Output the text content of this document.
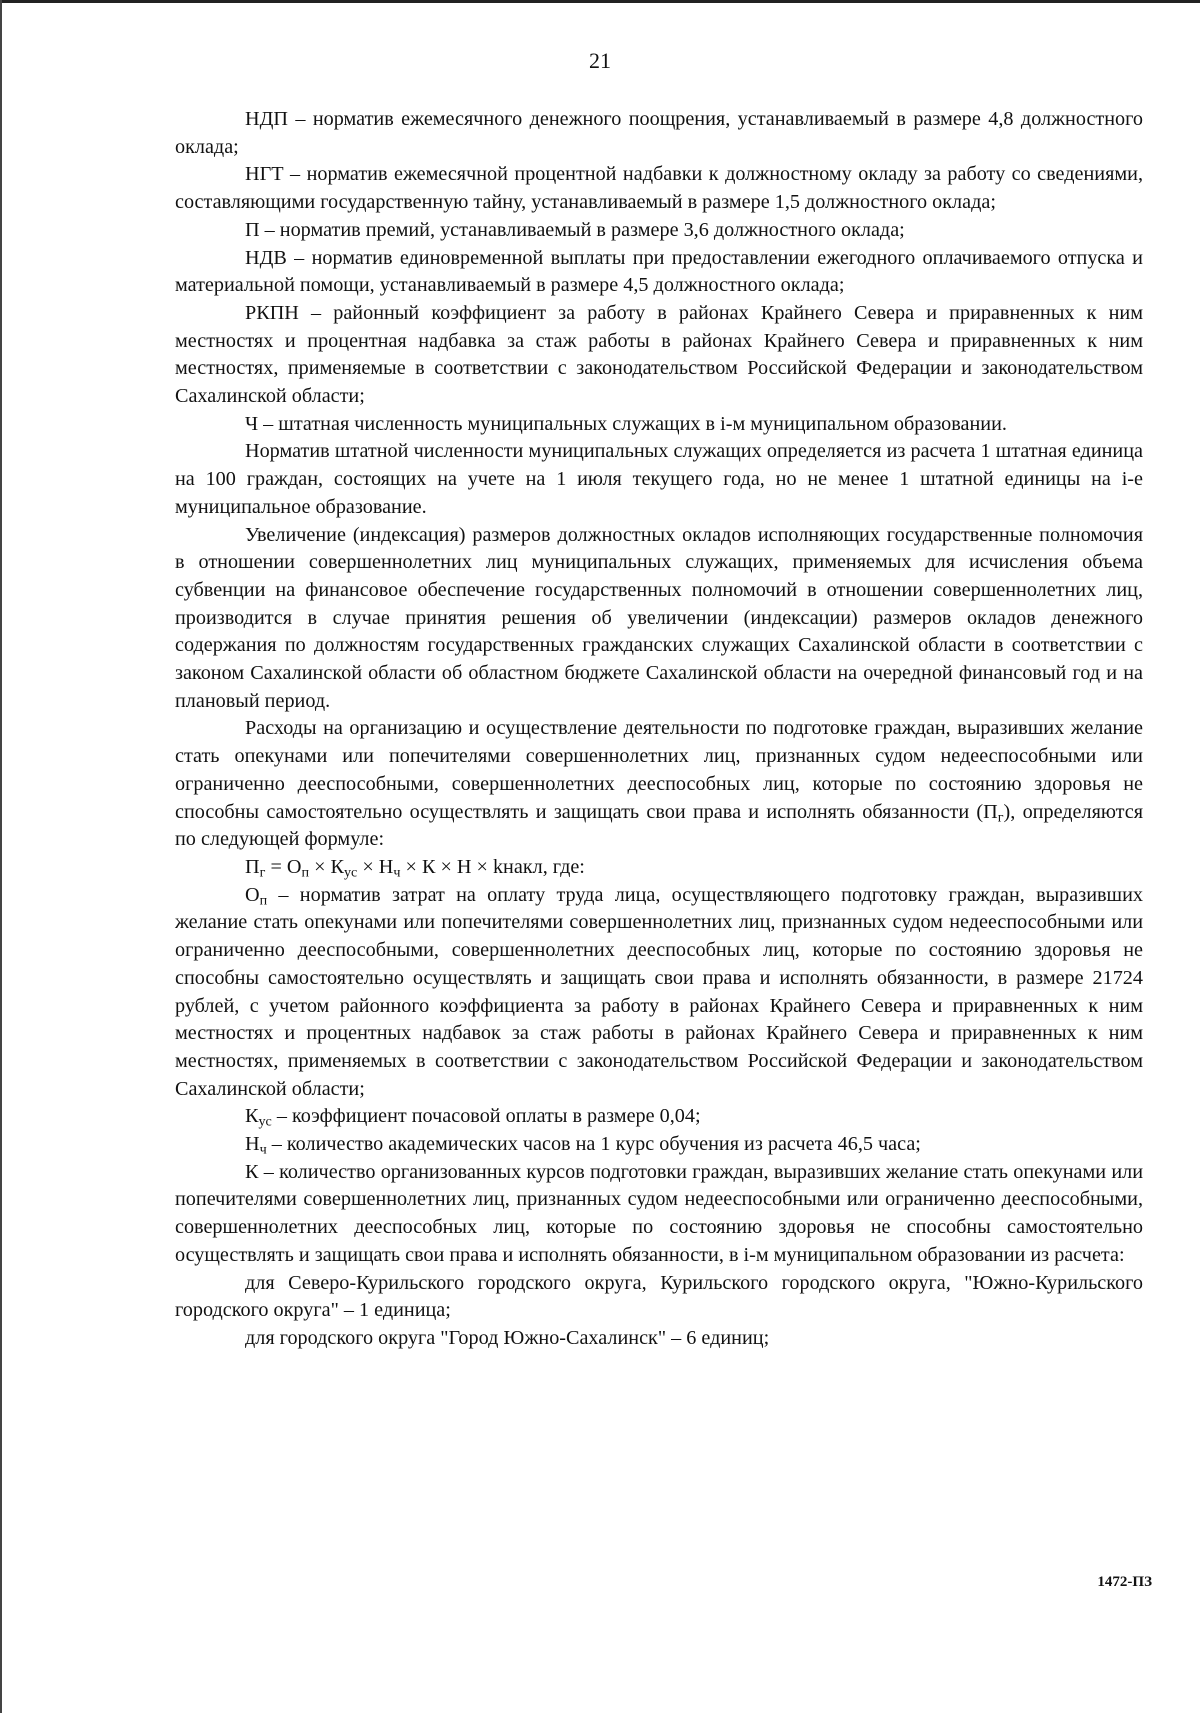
21

НДП – норматив ежемесячного денежного поощрения, устанавливаемый в размере 4,8 должностного оклада;

НГТ – норматив ежемесячной процентной надбавки к должностному окладу за работу со сведениями, составляющими государственную тайну, устанавливаемый в размере 1,5 должностного оклада;

П – норматив премий, устанавливаемый в размере 3,6 должностного оклада;

НДВ – норматив единовременной выплаты при предоставлении ежегодного оплачиваемого отпуска и материальной помощи, устанавливаемый в размере 4,5 должностного оклада;

РКПН – районный коэффициент за работу в районах Крайнего Севера и приравненных к ним местностях и процентная надбавка за стаж работы в районах Крайнего Севера и приравненных к ним местностях, применяемые в соответствии с законодательством Российской Федерации и законодательством Сахалинской области;

Ч – штатная численность муниципальных служащих в i-м муниципальном образовании.

Норматив штатной численности муниципальных служащих определяется из расчета 1 штатная единица на 100 граждан, состоящих на учете на 1 июля текущего года, но не менее 1 штатной единицы на i-е муниципальное образование.

Увеличение (индексация) размеров должностных окладов исполняющих государственные полномочия в отношении совершеннолетних лиц муниципальных служащих, применяемых для исчисления объема субвенции на финансовое обеспечение государственных полномочий в отношении совершеннолетних лиц, производится в случае принятия решения об увеличении (индексации) размеров окладов денежного содержания по должностям государственных гражданских служащих Сахалинской области в соответствии с законом Сахалинской области об областном бюджете Сахалинской области на очередной финансовый год и на плановый период.

Расходы на организацию и осуществление деятельности по подготовке граждан, выразивших желание стать опекунами или попечителями совершеннолетних лиц, признанных судом недееспособными или ограниченно дееспособными, совершеннолетних дееспособных лиц, которые по состоянию здоровья не способны самостоятельно осуществлять и защищать свои права и исполнять обязанности $(П_г)$, определяются по следующей формуле:

$П_г = О_п \times К_{ус} \times Н_ч \times К \times Н$ × kнакл, где:

$О_п$ – норматив затрат на оплату труда лица, осуществляющего подготовку граждан, выразивших желание стать опекунами или попечителями совершеннолетних лиц, признанных судом недееспособными или ограниченно дееспособными, совершеннолетних дееспособных лиц, которые по состоянию здоровья не способны самостоятельно осуществлять и защищать свои права и исполнять обязанности, в размере 21724 рублей, с учетом районного коэффициента за работу в районах Крайнего Севера и приравненных к ним местностях и процентных надбавок за стаж работы в районах Крайнего Севера и приравненных к ним местностях, применяемых в соответствии с законодательством Российской Федерации и законодательством Сахалинской области;

$К_{ус}$ – коэффициент почасовой оплаты в размере 0,04;

$Н_ч$ – количество академических часов на 1 курс обучения из расчета 46,5 часа;

К – количество организованных курсов подготовки граждан, выразивших желание стать опекунами или попечителями совершеннолетних лиц, признанных судом недееспособными или ограниченно дееспособными, совершеннолетних дееспособных лиц, которые по состоянию здоровья не способны самостоятельно осуществлять и защищать свои права и исполнять обязанности, в i-м муниципальном образовании из расчета:

для Северо-Курильского городского округа, Курильского городского округа, "Южно-Курильского городского округа" – 1 единица;

для городского округа "Город Южно-Сахалинск" – 6 единиц;

1472-ПЗ
